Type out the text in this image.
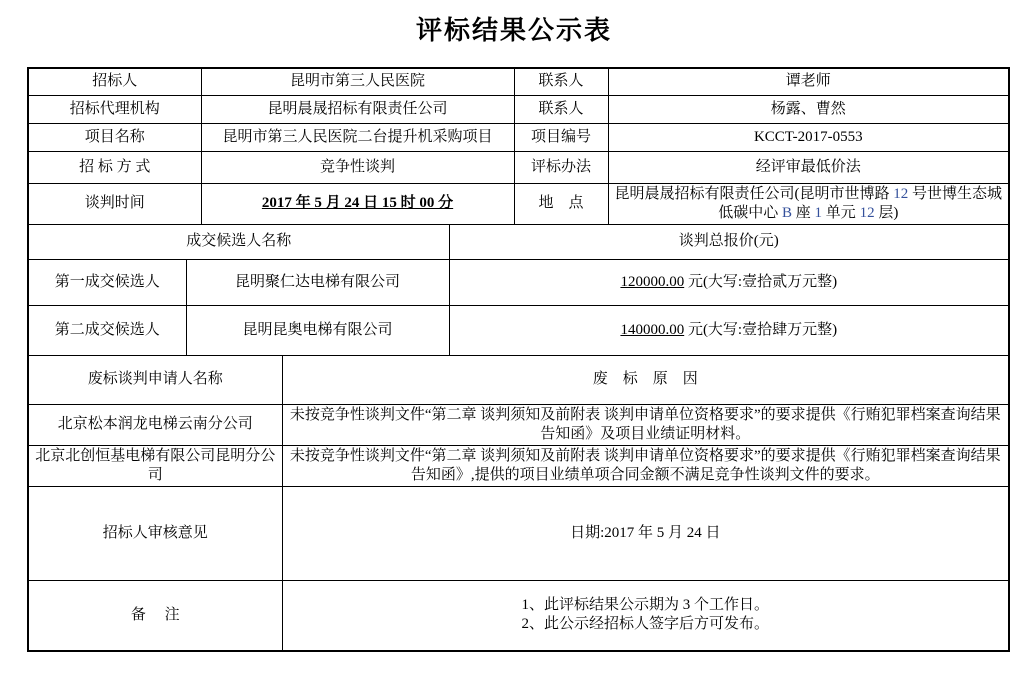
评标结果公示表
招标人		昆明市第三人民医院			联系人	谭老师
招标代理机构		昆明晨晟招标有限责任公司			联系人	杨露、曹然
项目名称		昆明市第三人民医院二台提升机采购项目			项目编号	KCCT-2017-0553
招 标 方 式		竞争性谈判			评标办法	经评审最低价法
谈判时间		2017 年 5 月 24 日 15 时 00 分			地　点	昆明晨晟招标有限责任公司(昆明市世博路 12 号世博生态城低碳中心 B 座 1 单元 12 层)
成交候选人名称				谈判总报价(元)		
第一成交候选人	昆明聚仁达电梯有限公司			120000.00 元(大写:壹拾贰万元整)		
第二成交候选人	昆明昆奥电梯有限公司			140000.00 元(大写:壹拾肆万元整)		
废标谈判申请人名称			废　标　原　因			
北京松本润龙电梯云南分公司			未按竞争性谈判文件“第二章 谈判须知及前附表 谈判申请单位资格要求”的要求提供《行贿犯罪档案查询结果告知函》及项目业绩证明材料。			
北京北创恒基电梯有限公司昆明分公司			未按竞争性谈判文件“第二章 谈判须知及前附表 谈判申请单位资格要求”的要求提供《行贿犯罪档案查询结果告知函》,提供的项目业绩单项合同金额不满足竞争性谈判文件的要求。			
招标人审核意见			日期:2017 年 5 月 24 日			
备　 注			1、此评标结果公示期为 3 个工作日。
2、此公示经招标人签字后方可发布。			
